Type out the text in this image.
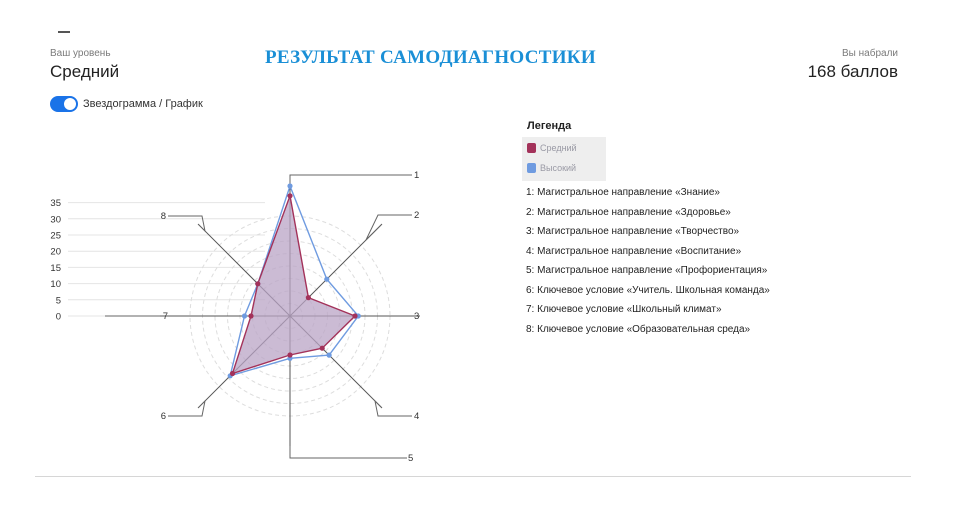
Ваш уровень
Средний
РЕЗУЛЬТАТ САМОДИАГНОСТИКИ	Вы набрали
168 баллов
Звездограмма / График
0
5
10
15
20
25
30
35
1
2
3
4
5
6
7
8
Легенда
Средний
Высокий
1: Магистральное направление «Знание»
2: Магистральное направление «Здоровье»
3: Магистральное направление «Творчество»
4: Магистральное направление «Воспитание»
5: Магистральное направление «Профориентация»
6: Ключевое условие «Учитель. Школьная команда»
7: Ключевое условие «Школьный климат»
8: Ключевое условие «Образовательная среда»
